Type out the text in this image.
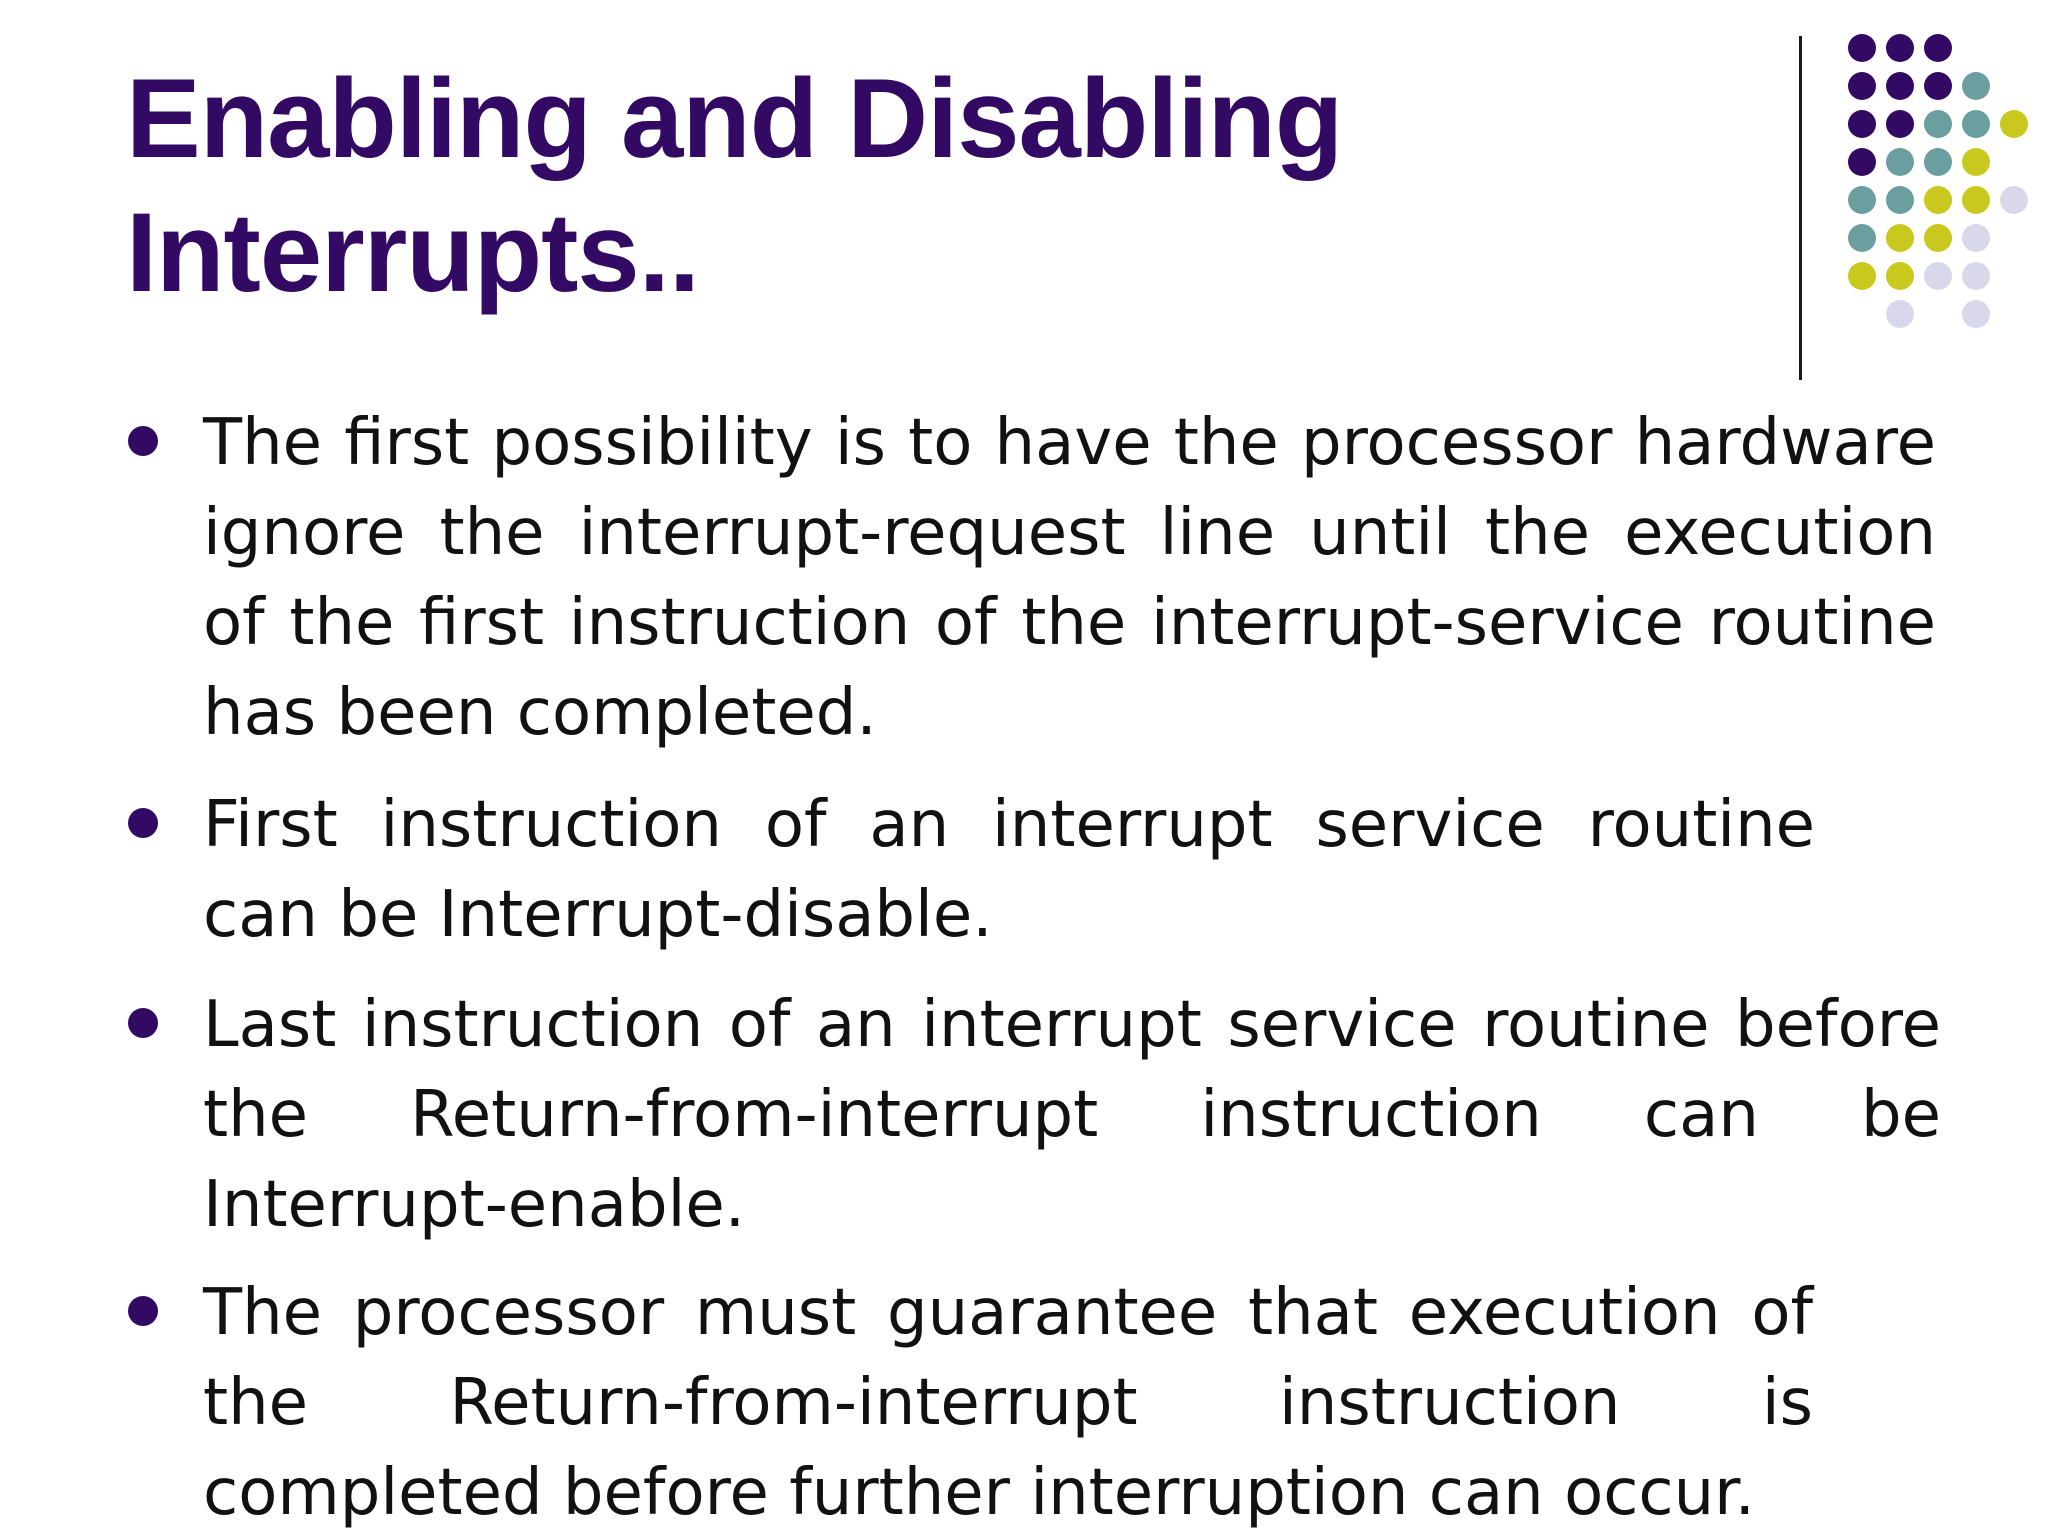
Enabling and Disabling
Interrupts..
The first possibility is to have the processor hardware
ignore the interrupt-request line until the execution
of the first instruction of the interrupt-service routine
has been completed.
First instruction of an interrupt service routine
can be Interrupt-disable.
Last instruction of an interrupt service routine before
the Return-from-interrupt instruction can be
Interrupt-enable.
The processor must guarantee that execution of
the Return-from-interrupt instruction is
completed before further interruption can occur.
